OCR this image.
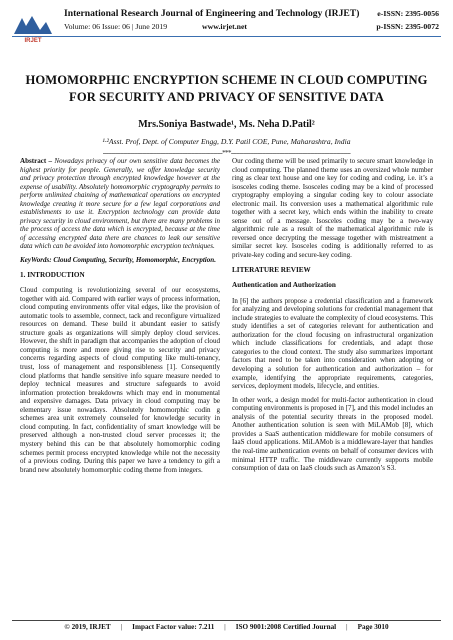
IRJET
International Research Journal of Engineering and Technology (IRJET)
Volume: 06 Issue: 06 | June 2019	www.irjet.net
e-ISSN: 2395-0056
p-ISSN: 2395-0072
HOMOMORPHIC ENCRYPTION SCHEME IN CLOUD COMPUTING FOR SECURITY AND PRIVACY OF SENSITIVE DATA
Mrs.Soniya Bastwade¹, Ms. Neha D.Patil²
¹·²Asst. Prof, Dept. of Computer Engg, D.Y. Patil COE, Pune, Maharashtra, India
---------------------------------------------------------------------***---------------------------------------------------------------------

Abstract – Nowadays privacy of our own sensitive data becomes the highest priority for people. Generally, we offer knowledge security and privacy protection through encrypted knowledge however at the expense of usability. Absolutely homomorphic cryptography permits to perform unlimited chaining of mathematical operations on encrypted knowledge creating it more secure for a few legal corporations and establishments to use it. Encryption technology can provide data privacy security in cloud environment, but there are many problems in the process of access the data which is encrypted, because at the time of accessing encrypted data there are chances to leak our sensitive data which can be avoided into homomorphic encryption techniques.

KeyWords: Cloud Computing, Security, Homomorphic, Encryption.

1. INTRODUCTION

Cloud computing is revolutionizing several of our ecosystems, together with aid. Compared with earlier ways of process information, cloud computing environments offer vital edges, like the provision of automatic tools to assemble, connect, tack and reconfigure virtualized resources on demand. These build it abundant easier to satisfy structure goals as organizations will simply deploy cloud services. However, the shift in paradigm that accompanies the adoption of cloud computing is more and more giving rise to security and privacy concerns regarding aspects of cloud computing like multi-tenancy, trust, loss of management and responsibleness [1]. Consequently cloud platforms that handle sensitive info square measure needed to deploy technical measures and structure safeguards to avoid information protection breakdowns which may end in monumental and expensive damages. Data privacy in cloud computing may be elementary issue nowadays. Absolutely homomorphic codin g schemes area unit extremely counseled for knowledge security in cloud computing. In fact, confidentiality of smart knowledge will be preserved although a non-trusted cloud server processes it; the mystery behind this can be that absolutely homomorphic coding schemes permit process encrypted knowledge while not the necessity of a previous coding. During this paper we have a tendency to gift a brand new absolutely homomorphic coding theme from integers.

Our coding theme will be used primarily to secure smart knowledge in cloud computing. The planned theme uses an oversized whole number ring as clear text house and one key for coding and coding, i.e. it’s a isosceles coding theme. Isosceles coding may be a kind of processed cryptography employing a singular coding key to colour associate electronic mail. Its conversion uses a mathematical algorithmic rule together with a secret key, which ends within the inability to create sense out of a message. Isosceles coding may be a two-way algorithmic rule as a result of the mathematical algorithmic rule is reversed once decrypting the message together with mistreatment a similar secret key. Isosceles coding is additionally referred to as private-key coding and secure-key coding.

LITERATURE REVIEW
Authentication and Authorization

In [6] the authors propose a credential classification and a framework for analyzing and developing solutions for credential management that include strategies to evaluate the complexity of cloud ecosystems. This study identifies a set of categories relevant for authentication and authorization for the cloud focusing on infrastructural organization which include classifications for credentials, and adapt those categories to the cloud context. The study also summarizes important factors that need to be taken into consideration when adopting or developing a solution for authentication and authorization – for example, identifying the appropriate requirements, categories, services, deployment models, lifecycle, and entities.

In other work, a design model for multi-factor authentication in cloud computing environments is proposed in [7], and this model includes an analysis of the potential security threats in the proposed model. Another authentication solution is seen with MiLAMob [8], which provides a SaaS authentication middleware for mobile consumers of IaaS cloud applications. MiLAMob is a middleware-layer that handles the real-time authentication events on behalf of consumer devices with minimal HTTP traffic. The middleware currently supports mobile consumption of data on IaaS clouds such as Amazon’s S3.

© 2019, IRJET | Impact Factor value: 7.211 | ISO 9001:2008 Certified Journal | Page 3010
